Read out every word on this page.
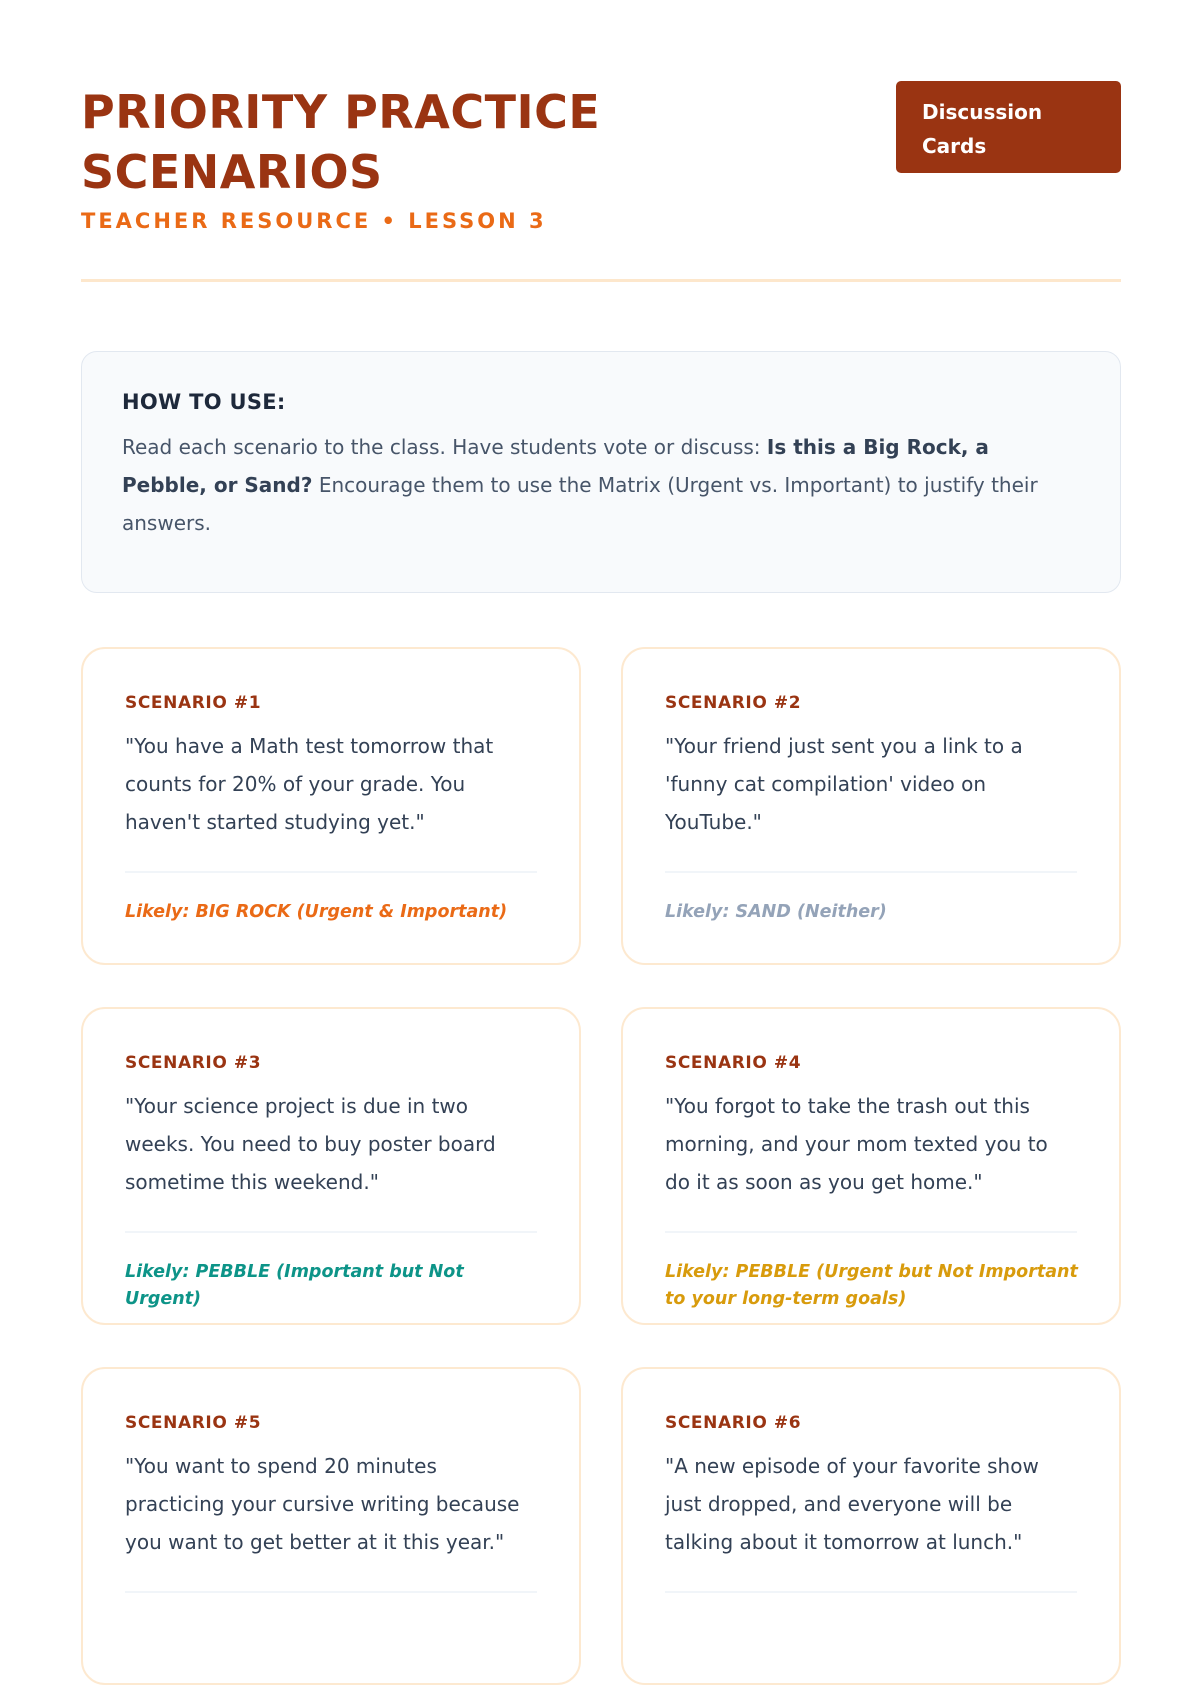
PRIORITY PRACTICE
SCENARIOS
TEACHER RESOURCE • LESSON 3
Discussion
Cards

HOW TO USE:

Read each scenario to the class. Have students vote or discuss: Is this a Big Rock, a Pebble, or Sand? Encourage them to use the Matrix (Urgent vs. Important) to justify their answers.

SCENARIO #1

"You have a Math test tomorrow that counts for 20% of your grade. You haven't started studying yet."

Likely: BIG ROCK (Urgent & Important)

SCENARIO #2

"Your friend just sent you a link to a 'funny cat compilation' video on YouTube."

Likely: SAND (Neither)

SCENARIO #3

"Your science project is due in two weeks. You need to buy poster board sometime this weekend."

Likely: PEBBLE (Important but Not Urgent)

SCENARIO #4

"You forgot to take the trash out this morning, and your mom texted you to do it as soon as you get home."

Likely: PEBBLE (Urgent but Not Important to your long-term goals)

SCENARIO #5

"You want to spend 20 minutes practicing your cursive writing because you want to get better at it this year."

SCENARIO #6

"A new episode of your favorite show just dropped, and everyone will be talking about it tomorrow at lunch."
